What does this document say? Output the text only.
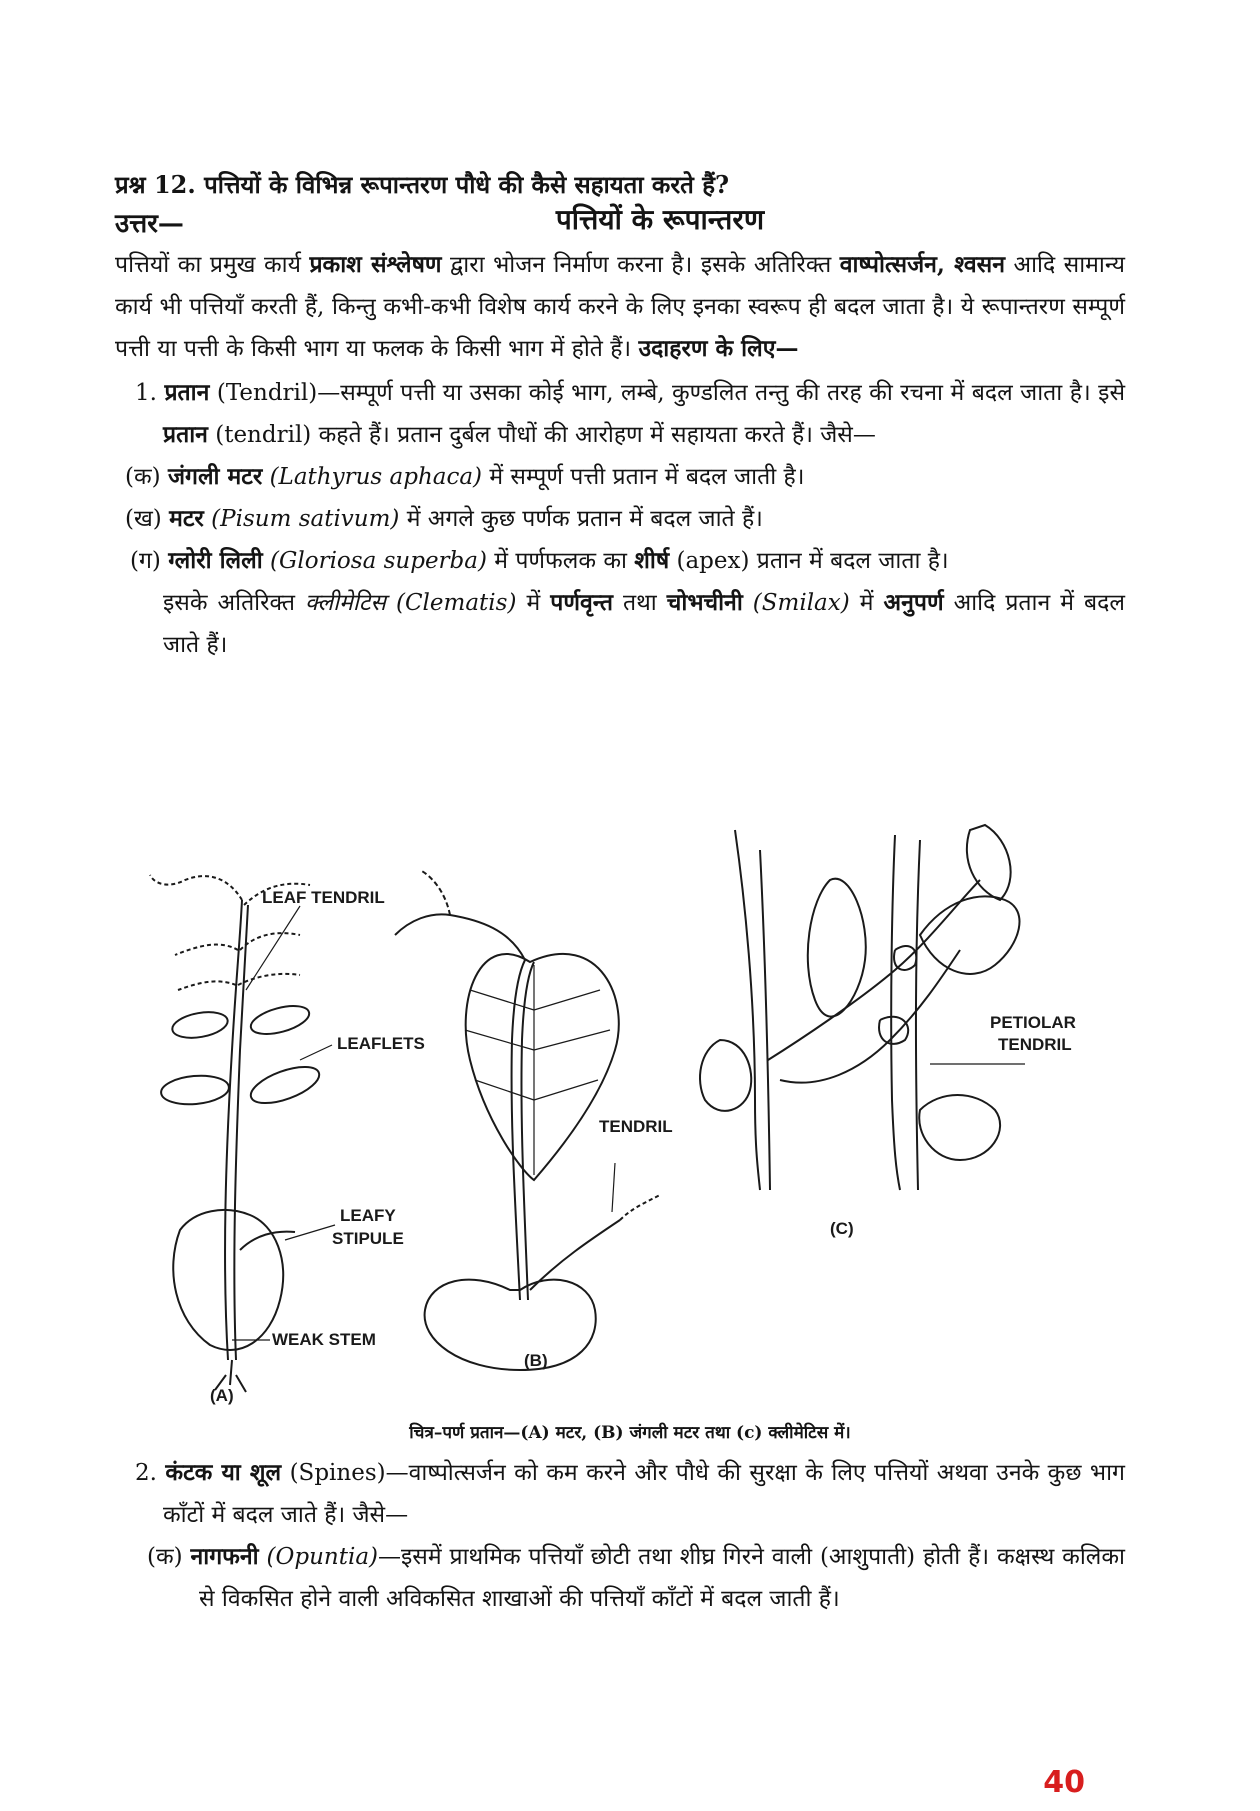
प्रश्न 12. पत्तियों के विभिन्न रूपान्तरण पौधे की कैसे सहायता करते हैं?
उत्तर—	पत्तियों के रूपान्तरण
पत्तियों का प्रमुख कार्य प्रकाश संश्लेषण द्वारा भोजन निर्माण करना है। इसके अतिरिक्त वाष्पोत्सर्जन, श्वसन आदि सामान्य कार्य भी पत्तियाँ करती हैं, किन्तु कभी-कभी विशेष कार्य करने के लिए इनका स्वरूप ही बदल जाता है। ये रूपान्तरण सम्पूर्ण पत्ती या पत्ती के किसी भाग या फलक के किसी भाग में होते हैं। उदाहरण के लिए—
1. प्रतान (Tendril)—सम्पूर्ण पत्ती या उसका कोई भाग, लम्बे, कुण्डलित तन्तु की तरह की रचना में बदल जाता है। इसे प्रतान (tendril) कहते हैं। प्रतान दुर्बल पौधों की आरोहण में सहायता करते हैं। जैसे—
(क) जंगली मटर (Lathyrus aphaca) में सम्पूर्ण पत्ती प्रतान में बदल जाती है।
(ख) मटर (Pisum sativum) में अगले कुछ पर्णक प्रतान में बदल जाते हैं।
(ग) ग्लोरी लिली (Gloriosa superba) में पर्णफलक का शीर्ष (apex) प्रतान में बदल जाता है।
इसके अतिरिक्त क्लीमेटिस (Clematis) में पर्णवृन्त तथा चोभचीनी (Smilax) में अनुपर्ण आदि प्रतान में बदल जाते हैं।
LEAF TENDRIL
LEAFLETS
LEAFY
STIPULE
WEAK STEM
TENDRIL
PETIOLAR
TENDRIL
(A)
(B)
(C)
चित्र–पर्ण प्रतान—(A) मटर, (B) जंगली मटर तथा (c) क्लीमेटिस में।
2. कंटक या शूल (Spines)—वाष्पोत्सर्जन को कम करने और पौधे की सुरक्षा के लिए पत्तियों अथवा उनके कुछ भाग काँटों में बदल जाते हैं। जैसे—
(क) नागफनी (Opuntia)—इसमें प्राथमिक पत्तियाँ छोटी तथा शीघ्र गिरने वाली (आशुपाती) होती हैं। कक्षस्थ कलिका से विकसित होने वाली अविकसित शाखाओं की पत्तियाँ काँटों में बदल जाती हैं।
40
